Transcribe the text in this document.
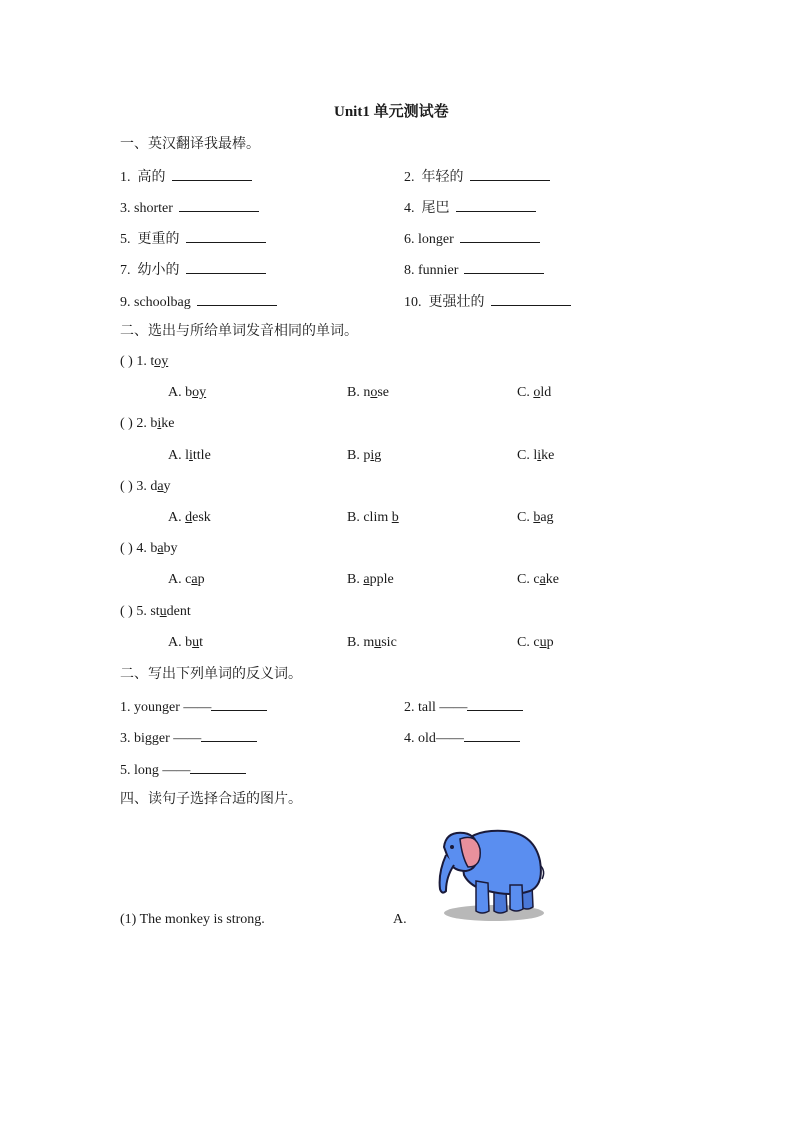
Unit1 单元测试卷
一、英汉翻译我最棒。
1. 高的	2. 年轻的
3. shorter	4. 尾巴
5. 更重的	6. longer
7. 幼小的	8. funnier
9. schoolbag	10. 更强壮的
二、选出与所给单词发音相同的单词。
( ) 1. toy
A. boy	B. nose	C. old
( ) 2. bike
A. little	B. pig	C. like
( ) 3. day
A. desk	B. clim b	C. bag
( ) 4. baby
A. cap	B. apple	C. cake
( ) 5. student
A. but	B. music	C. cup
二、写出下列单词的反义词。
1. younger ——	2. tall ——
3. bigger ——	4. old——
5. long ——
四、读句子选择合适的图片。
(1) The monkey is strong.	A.
